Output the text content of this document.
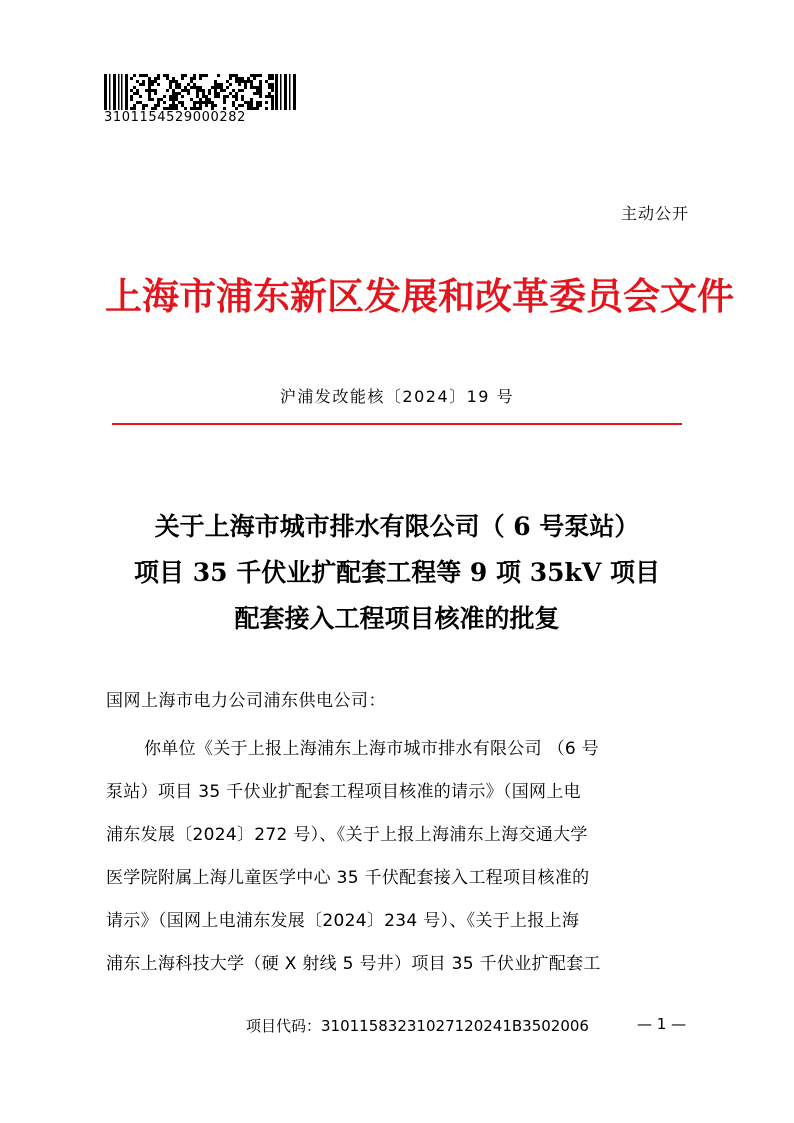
3101154529000282
主动公开
上海市浦东新区发展和改革委员会文件
沪浦发改能核〔2024〕19 号
关于上海市城市排水有限公司（ 6 号泵站）
项目 35 千伏业扩配套工程等 9 项 35kV 项目
配套接入工程项目核准的批复
国网上海市电力公司浦东供电公司：
你单位《关于上报上海浦东上海市城市排水有限公司 （6 号
泵站）项目 35 千伏业扩配套工程项目核准的请示》（国网上电
浦东发展〔2024〕272 号）、《关于上报上海浦东上海交通大学
医学院附属上海儿童医学中心 35 千伏配套接入工程项目核准的
请示》（国网上电浦东发展〔2024〕234 号）、《关于上报上海
浦东上海科技大学（硬 X 射线 5 号井）项目 35 千伏业扩配套工
项目代码：31011583231027120241B3502006	— 1 —
